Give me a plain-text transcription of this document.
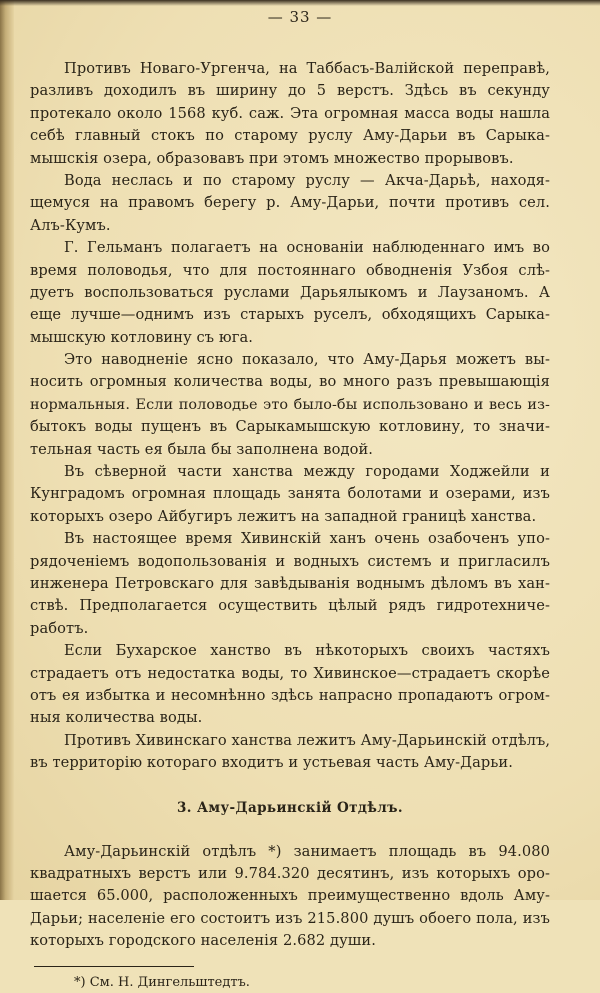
— 33 —
Противъ Новаго-Ургенча, на Таббасъ-Валiйской переправѣ,
разливъ доходилъ въ ширину до 5 верстъ. Здѣсь въ секунду
протекало около 1568 куб. саж. Эта огромная масса воды нашла
себѣ главный стокъ по старому руслу Аму-Дарьи въ Сарыка-
мышскiя озера, образовавъ при этомъ множество прорывовъ.
Вода неслась и по старому руслу — Акча-Дарьѣ, находя-
щемуся на правомъ берегу р. Аму-Дарьи, почти противъ сел.
Алъ-Кумъ.
Г. Гельманъ полагаетъ на основанiи наблюденнаго имъ во
время половодья, что для постояннаго обводненiя Узбоя слѣ-
дуетъ воспользоваться руслами Дарьялыкомъ и Лаузаномъ. А
еще лучше—однимъ изъ старыхъ руселъ, обходящихъ Сарыка-
мышскую котловину съ юга.
Это наводненiе ясно показало, что Аму-Дарья можетъ вы-
носить огромныя количества воды, во много разъ превышающiя
нормальныя. Если половодье это было-бы использовано и весь из-
бытокъ воды пущенъ въ Сарыкамышскую котловину, то значи-
тельная часть ея была бы заполнена водой.
Въ сѣверной части ханства между городами Ходжейли и
Кунградомъ огромная площадь занята болотами и озерами, изъ
которыхъ озеро Айбугиръ лежитъ на западной границѣ ханства.
Въ настоящее время Хивинскiй ханъ очень озабоченъ упо-
рядоченiемъ водопользованiя и водныхъ системъ и пригласилъ
инженера Петровскаго для завѣдыванiя воднымъ дѣломъ въ хан-
ствѣ. Предполагается осуществить цѣлый рядъ гидротехниче-
работъ.
Если Бухарское ханство въ нѣкоторыхъ своихъ частяхъ
страдаетъ отъ недостатка воды, то Хивинское—страдаетъ скорѣе
отъ ея избытка и несомнѣнно здѣсь напрасно пропадаютъ огром-
ныя количества воды.
Противъ Хивинскаго ханства лежитъ Аму-Дарьинскiй отдѣлъ,
въ территорiю котораго входитъ и устьевая часть Аму-Дарьи.
3. Аму-Дарьинскiй Отдѣлъ.
Аму-Дарьинскiй отдѣлъ *) занимаетъ площадь въ 94.080
квадратныхъ верстъ или 9.784.320 десятинъ, изъ которыхъ оро-
шается 65.000, расположенныхъ преимущественно вдоль Аму-
Дарьи; населенiе его состоитъ изъ 215.800 душъ обоего пола, изъ
которыхъ городского населенiя 2.682 души.
*) См. Н. Дингельштедтъ.
